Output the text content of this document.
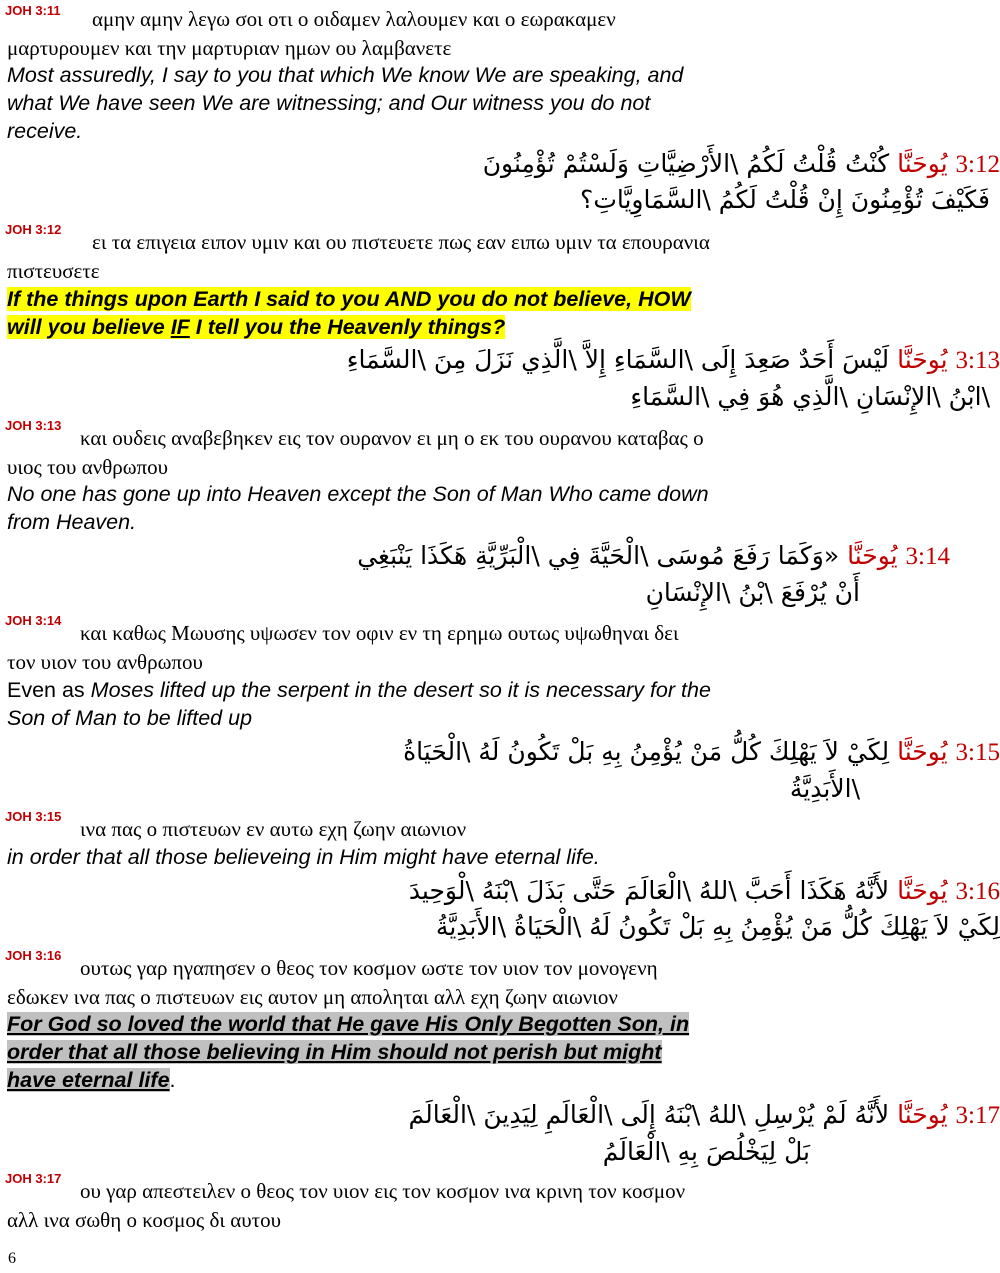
JOH 3:11 αμην αμην λεγω σοι οτι ο οιδαμεν λαλουμεν και ο εωρακαμεν
μαρτυρουμεν και την μαρτυριαν ημων ου λαμβανετε
Most assuredly, I say to you that which We know We are speaking, and
what We have seen We are witnessing; and Our witness you do not
receive.
3:12 يُوحَنَّا كُنْتُ قُلْتُ لَكُمُ \الأَرْضِيَّاتِ وَلَسْتُمْ تُؤْمِنُونَ
فَكَيْفَ تُؤْمِنُونَ إِنْ قُلْتُ لَكُمُ \السَّمَاوِيَّاتِ؟
JOH 3:12
ει τα επιγεια ειπον υμιν και ου πιστευετε πως εαν ειπω υμιν τα επουρανια
πιστευσετε
If the things upon Earth I said to you AND you do not believe, HOW
will you believe IF I tell you the Heavenly things?
3:13 يُوحَنَّا لَيْسَ أَحَدٌ صَعِدَ إِلَى \السَّمَاءِ إِلاَّ \الَّذِي نَزَلَ مِنَ \السَّمَاءِ
\ابْنُ \الإِنْسَانِ \الَّذِي هُوَ فِي \السَّمَاءِ
JOH 3:13
και ουδεις αναβεβηκεν εις τον ουρανον ει μη ο εκ του ουρανου καταβας ο
υιος του ανθρωπου
No one has gone up into Heaven except the Son of Man Who came down
from Heaven.
3:14 يُوحَنَّا «وَكَمَا رَفَعَ مُوسَى \الْحَيَّةَ فِي \الْبَرِّيَّةِ هَكَذَا يَنْبَغِي
أَنْ يُرْفَعَ \بْنُ \الإِنْسَانِ
JOH 3:14
και καθως Μωυσης υψωσεν τον οφιν εν τη ερημω ουτως υψωθηναι δει
τον υιον του ανθρωπου
Even as Moses lifted up the serpent in the desert so it is necessary for the
Son of Man to be lifted up
3:15 يُوحَنَّا لِكَيْ لاَ يَهْلِكَ كُلُّ مَنْ يُؤْمِنُ بِهِ بَلْ تَكُونُ لَهُ \الْحَيَاةُ
\الأَبَدِيَّةُ
JOH 3:15
ινα πας ο πιστευων εν αυτω εχη ζωην αιωνιον
in order that all those believeing in Him might have eternal life.
3:16 يُوحَنَّا لأَنَّهُ هَكَذَا أَحَبَّ \للهُ \الْعَالَمَ حَتَّى بَذَلَ \بْنَهُ \لْوَحِيدَ
لِكَيْ لاَ يَهْلِكَ كُلُّ مَنْ يُؤْمِنُ بِهِ بَلْ تَكُونُ لَهُ \الْحَيَاةُ \الأَبَدِيَّةُ
JOH 3:16
ουτως γαρ ηγαπησεν ο θεος τον κοσμον ωστε τον υιον τον μονογενη
εδωκεν ινα πας ο πιστευων εις αυτον μη αποληται αλλ εχη ζωην αιωνιον
For God so loved the world that He gave His Only Begotten Son, in
order that all those believing in Him should not perish but might
have eternal life.
3:17 يُوحَنَّا لأَنَّهُ لَمْ يُرْسِلِ \للهُ \بْنَهُ إِلَى \الْعَالَمِ لِيَدِينَ \الْعَالَمَ
بَلْ لِيَخْلُصَ بِهِ \الْعَالَمُ
JOH 3:17
ου γαρ απεστειλεν ο θεος τον υιον εις τον κοσμον ινα κρινη τον κοσμον
αλλ ινα σωθη ο κοσμος δι αυτου
6
